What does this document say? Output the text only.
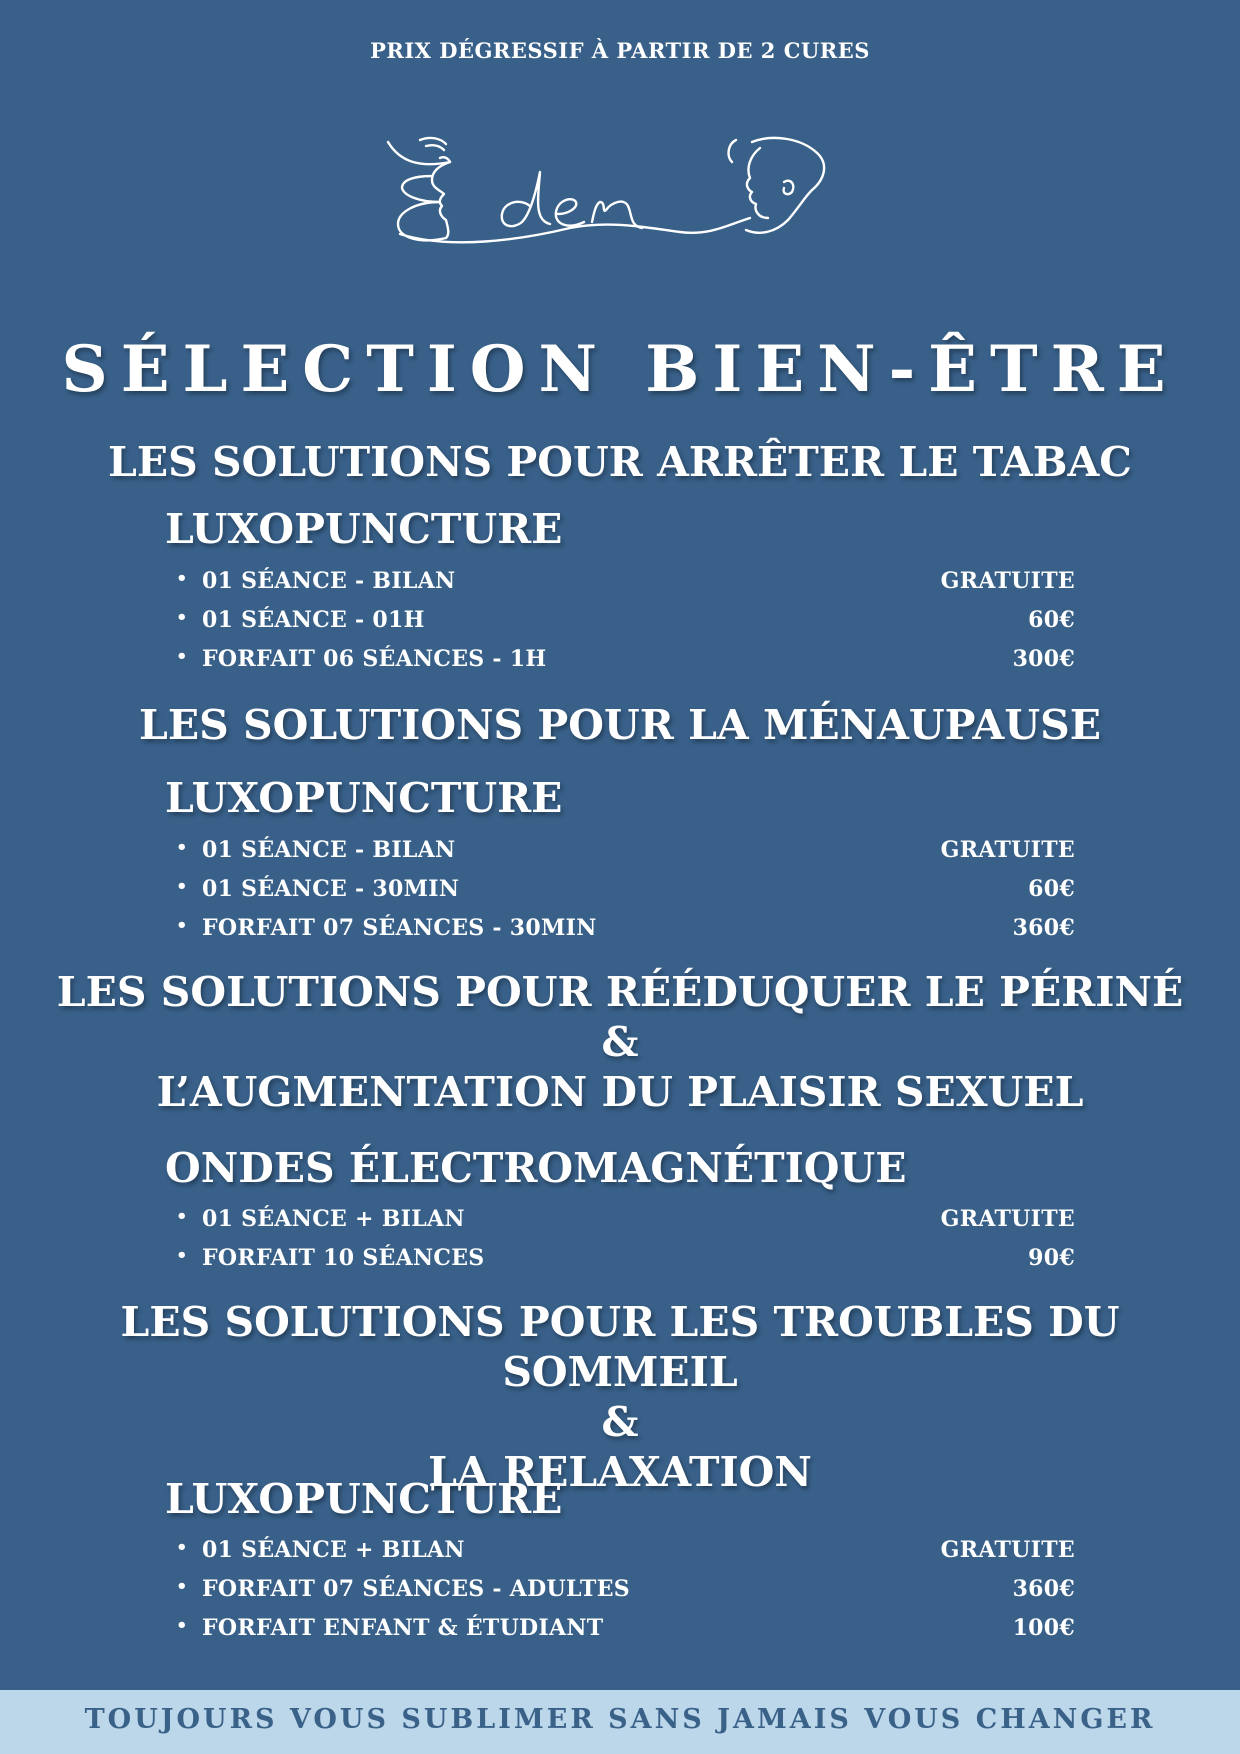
PRIX DÉGRESSIF À PARTIR DE 2 CURES
SÉLECTION BIEN-ÊTRE
LES SOLUTIONS POUR ARRÊTER LE TABAC
LUXOPUNCTURE
• 01 SÉANCE - BILAN	GRATUITE
• 01 SÉANCE - 01H	60€
• FORFAIT 06 SÉANCES - 1H	300€
LES SOLUTIONS POUR LA MÉNAUPAUSE
LUXOPUNCTURE
• 01 SÉANCE - BILAN	GRATUITE
• 01 SÉANCE - 30MIN	60€
• FORFAIT 07 SÉANCES - 30MIN	360€
LES SOLUTIONS POUR RÉÉDUQUER LE PÉRINÉ
&
L’AUGMENTATION DU PLAISIR SEXUEL
ONDES ÉLECTROMAGNÉTIQUE
• 01 SÉANCE + BILAN	GRATUITE
• FORFAIT 10 SÉANCES	90€
LES SOLUTIONS POUR LES TROUBLES DU SOMMEIL
&
LA RELAXATION
LUXOPUNCTURE
• 01 SÉANCE + BILAN	GRATUITE
• FORFAIT 07 SÉANCES - ADULTES	360€
• FORFAIT ENFANT & ÉTUDIANT	100€
TOUJOURS VOUS SUBLIMER SANS JAMAIS VOUS CHANGER
